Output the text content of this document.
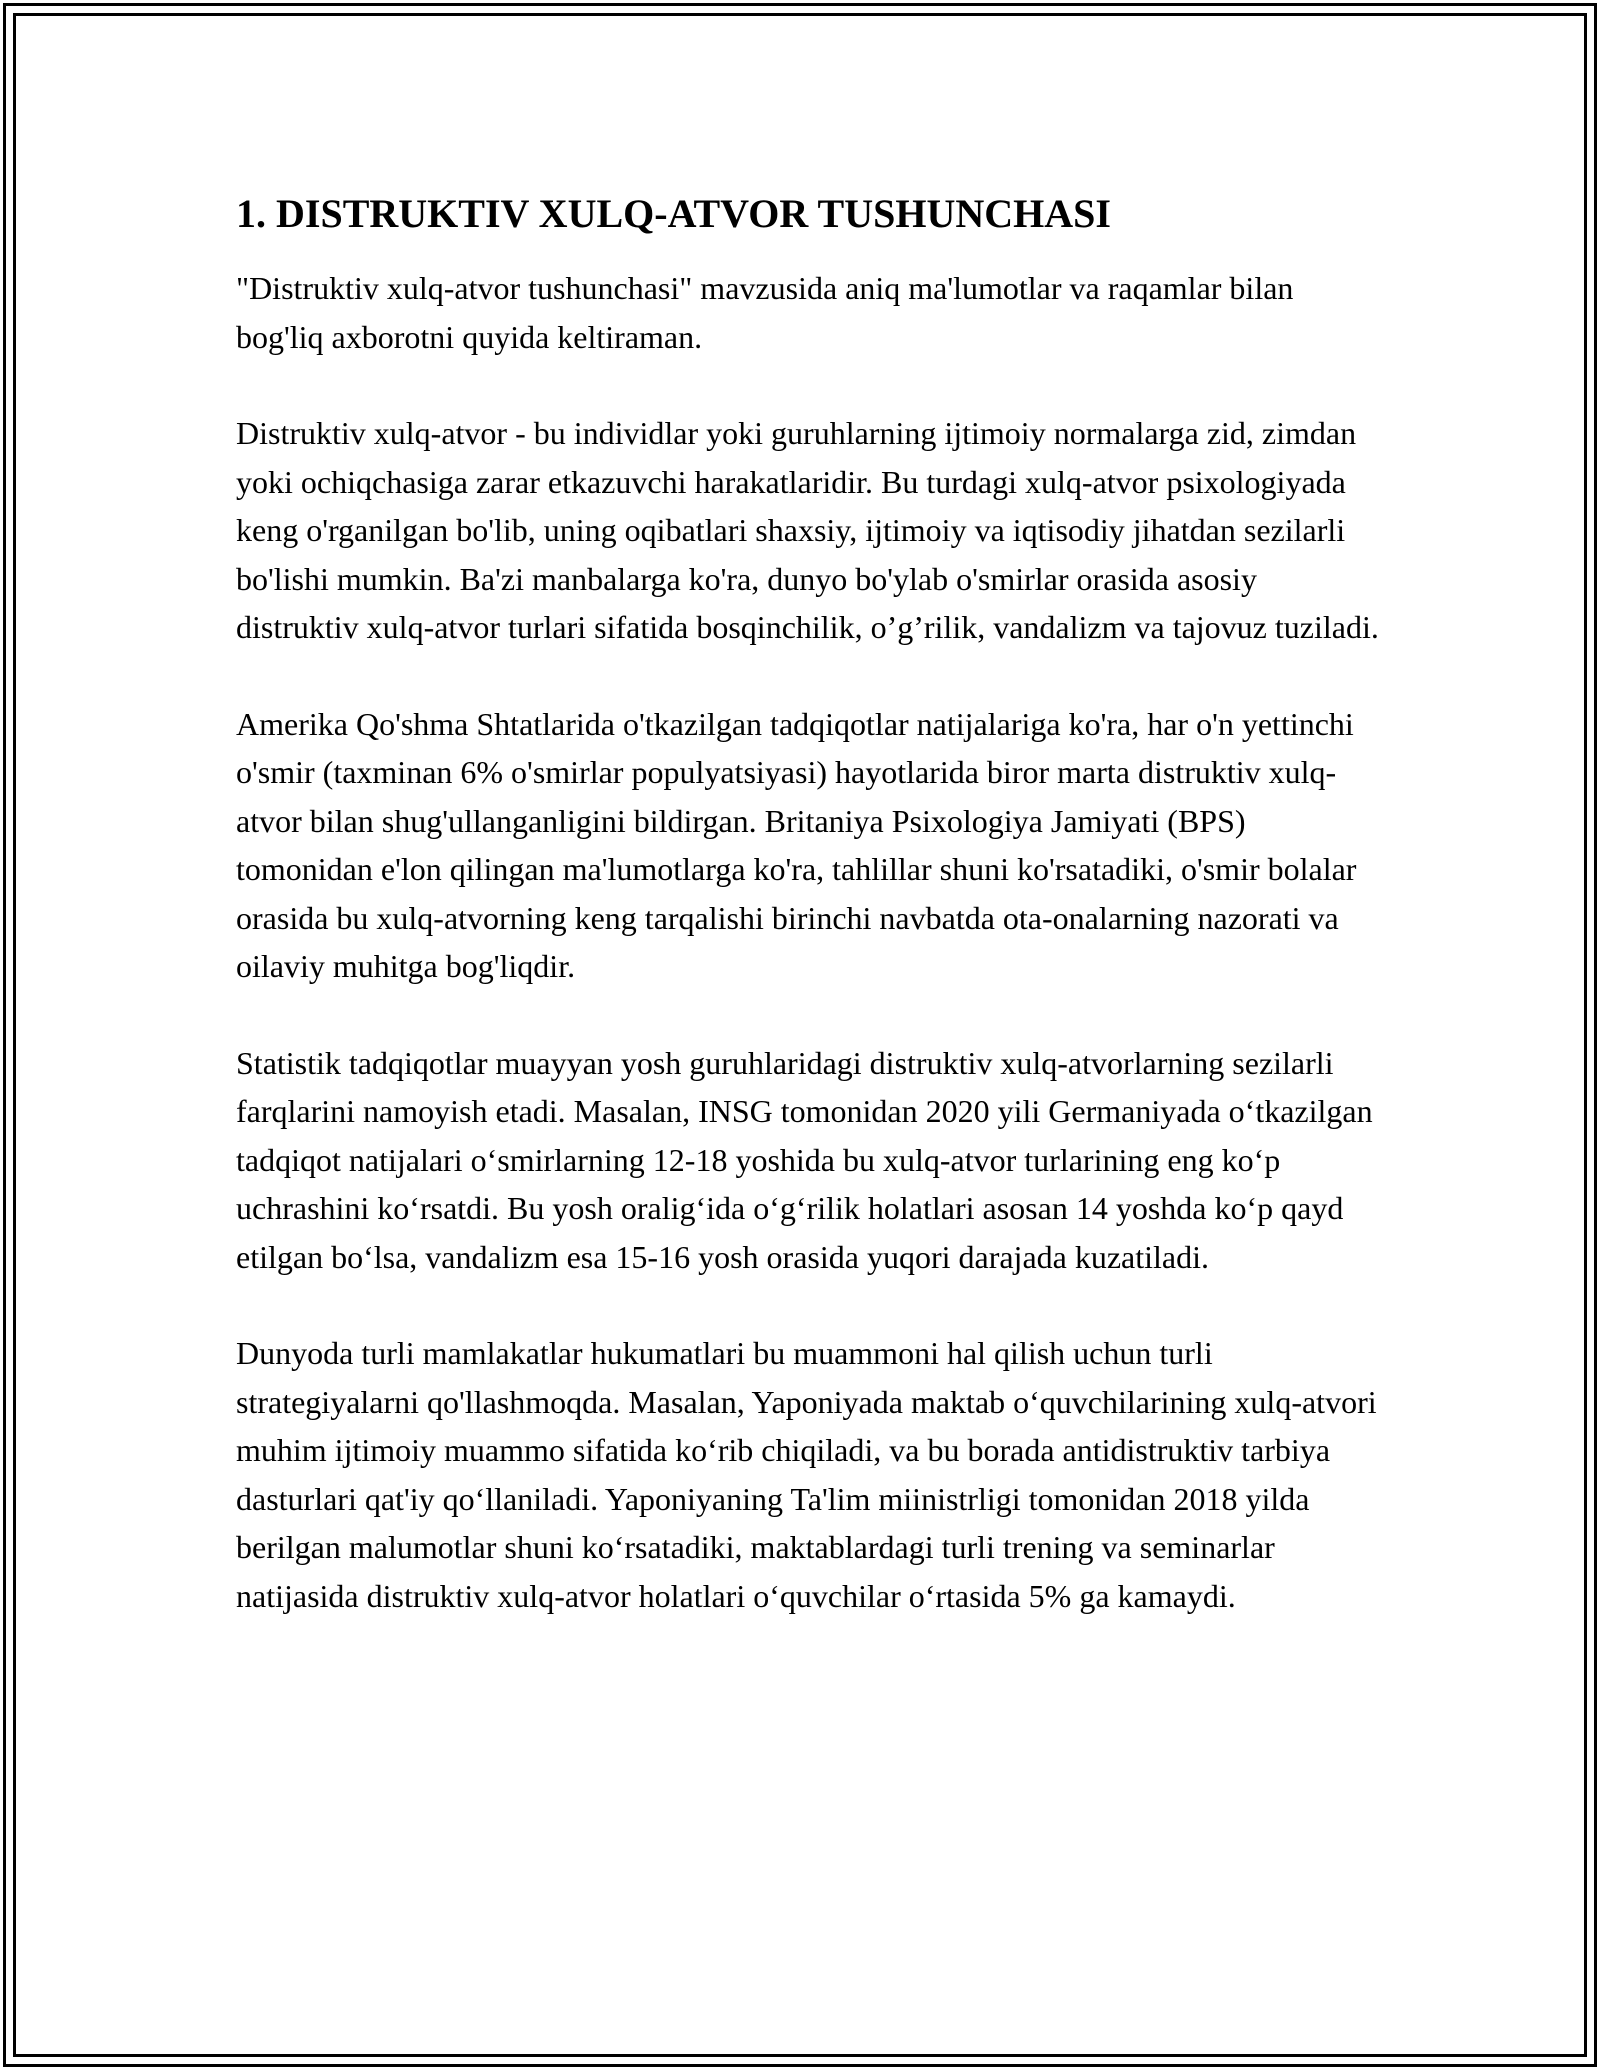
1. DISTRUKTIV XULQ-ATVOR TUSHUNCHASI

"Distruktiv xulq-atvor tushunchasi" mavzusida aniq ma'lumotlar va raqamlar bilan bog'liq axborotni quyida keltiraman.

Distruktiv xulq-atvor - bu individlar yoki guruhlarning ijtimoiy normalarga zid, zimdan yoki ochiqchasiga zarar etkazuvchi harakatlaridir. Bu turdagi xulq-atvor psixologiyada keng o'rganilgan bo'lib, uning oqibatlari shaxsiy, ijtimoiy va iqtisodiy jihatdan sezilarli bo'lishi mumkin. Ba'zi manbalarga ko'ra, dunyo bo'ylab o'smirlar orasida asosiy distruktiv xulq-atvor turlari sifatida bosqinchilik, o’g’rilik, vandalizm va tajovuz tuziladi.

Amerika Qo'shma Shtatlarida o'tkazilgan tadqiqotlar natijalariga ko'ra, har o'n yettinchi o'smir (taxminan 6% o'smirlar populyatsiyasi) hayotlarida biror marta distruktiv xulq-atvor bilan shug'ullanganligini bildirgan. Britaniya Psixologiya Jamiyati (BPS) tomonidan e'lon qilingan ma'lumotlarga ko'ra, tahlillar shuni ko'rsatadiki, o'smir bolalar orasida bu xulq-atvorning keng tarqalishi birinchi navbatda ota-onalarning nazorati va oilaviy muhitga bog'liqdir.

Statistik tadqiqotlar muayyan yosh guruhlaridagi distruktiv xulq-atvorlarning sezilarli farqlarini namoyish etadi. Masalan, INSG tomonidan 2020 yili Germaniyada o‘tkazilgan tadqiqot natijalari o‘smirlarning 12-18 yoshida bu xulq-atvor turlarining eng ko‘p uchrashini ko‘rsatdi. Bu yosh oralig‘ida o‘g‘rilik holatlari asosan 14 yoshda ko‘p qayd etilgan bo‘lsa, vandalizm esa 15-16 yosh orasida yuqori darajada kuzatiladi.

Dunyoda turli mamlakatlar hukumatlari bu muammoni hal qilish uchun turli strategiyalarni qo'llashmoqda. Masalan, Yaponiyada maktab o‘quvchilarining xulq-atvori muhim ijtimoiy muammo sifatida ko‘rib chiqiladi, va bu borada antidistruktiv tarbiya dasturlari qat'iy qo‘llaniladi. Yaponiyaning Ta'lim miinistrligi tomonidan 2018 yilda berilgan malumotlar shuni ko‘rsatadiki, maktablardagi turli trening va seminarlar natijasida distruktiv xulq-atvor holatlari o‘quvchilar o‘rtasida 5% ga kamaydi.
